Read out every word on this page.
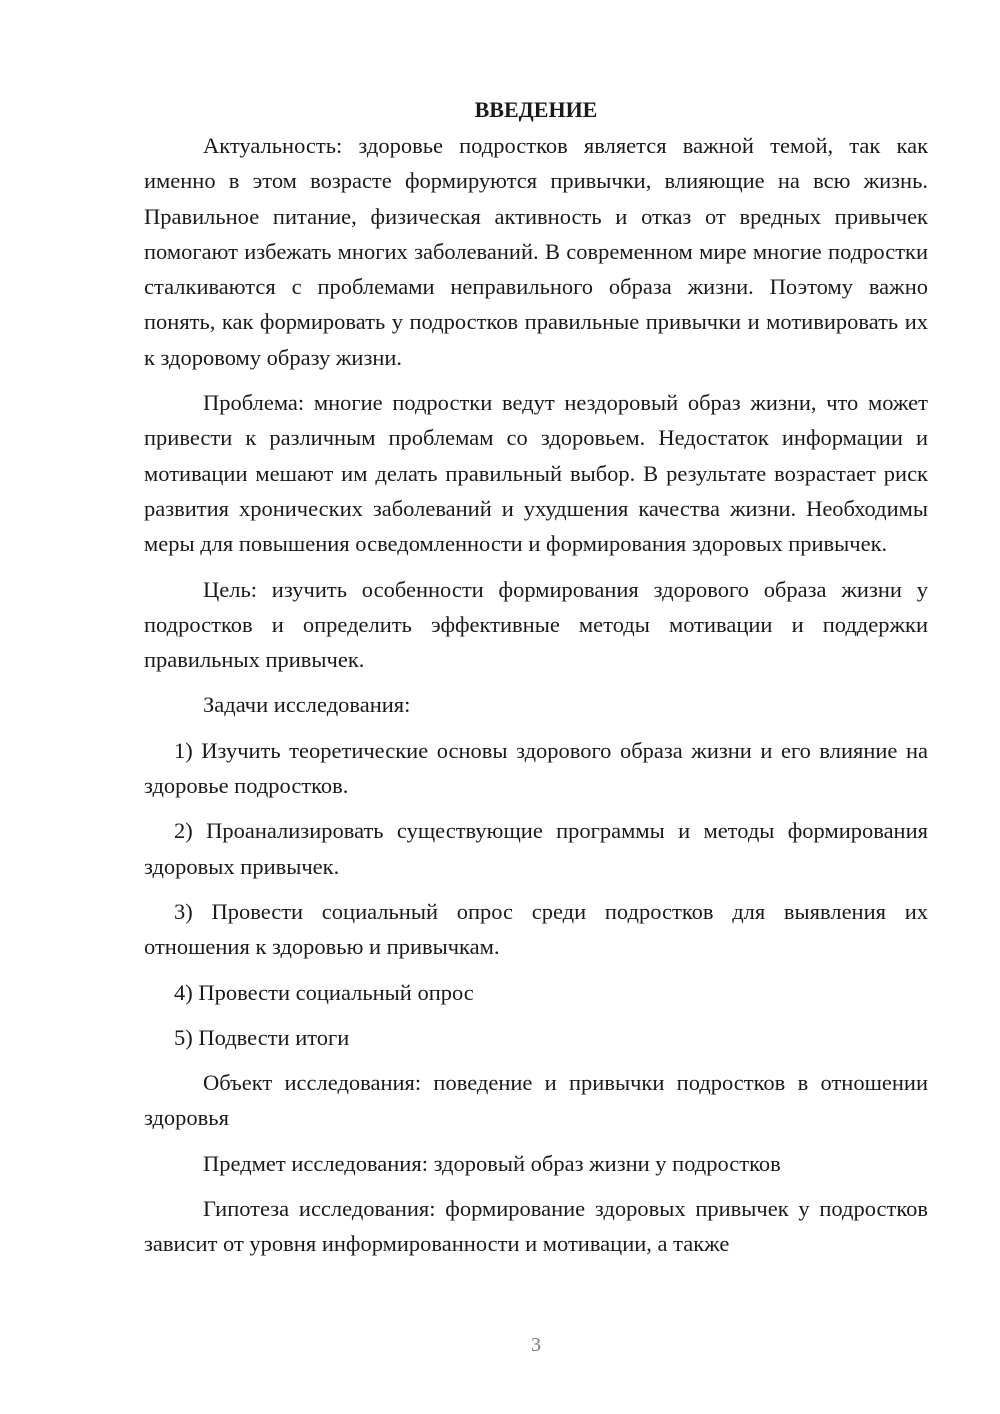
ВВЕДЕНИЕ

Актуальность: здоровье подростков является важной темой, так как именно в этом возрасте формируются привычки, влияющие на всю жизнь. Правильное питание, физическая активность и отказ от вредных привычек помогают избежать многих заболеваний. В современном мире многие подростки сталкиваются с проблемами неправильного образа жизни. Поэтому важно понять, как формировать у подростков правильные привычки и мотивировать их к здоровому образу жизни.

Проблема: многие подростки ведут нездоровый образ жизни, что может привести к различным проблемам со здоровьем. Недостаток информации и мотивации мешают им делать правильный выбор. В результате возрастает риск развития хронических заболеваний и ухудшения качества жизни. Необходимы меры для повышения осведомленности и формирования здоровых привычек.

Цель: изучить особенности формирования здорового образа жизни у подростков и определить эффективные методы мотивации и поддержки правильных привычек.

Задачи исследования:

1) Изучить теоретические основы здорового образа жизни и его влияние на здоровье подростков.

2) Проанализировать существующие программы и методы формирования здоровых привычек.

3) Провести социальный опрос среди подростков для выявления их отношения к здоровью и привычкам.

4) Провести социальный опрос

5) Подвести итоги

Объект исследования: поведение и привычки подростков в отношении здоровья

Предмет исследования: здоровый образ жизни у подростков

Гипотеза исследования: формирование здоровых привычек у подростков зависит от уровня информированности и мотивации, а также

3
